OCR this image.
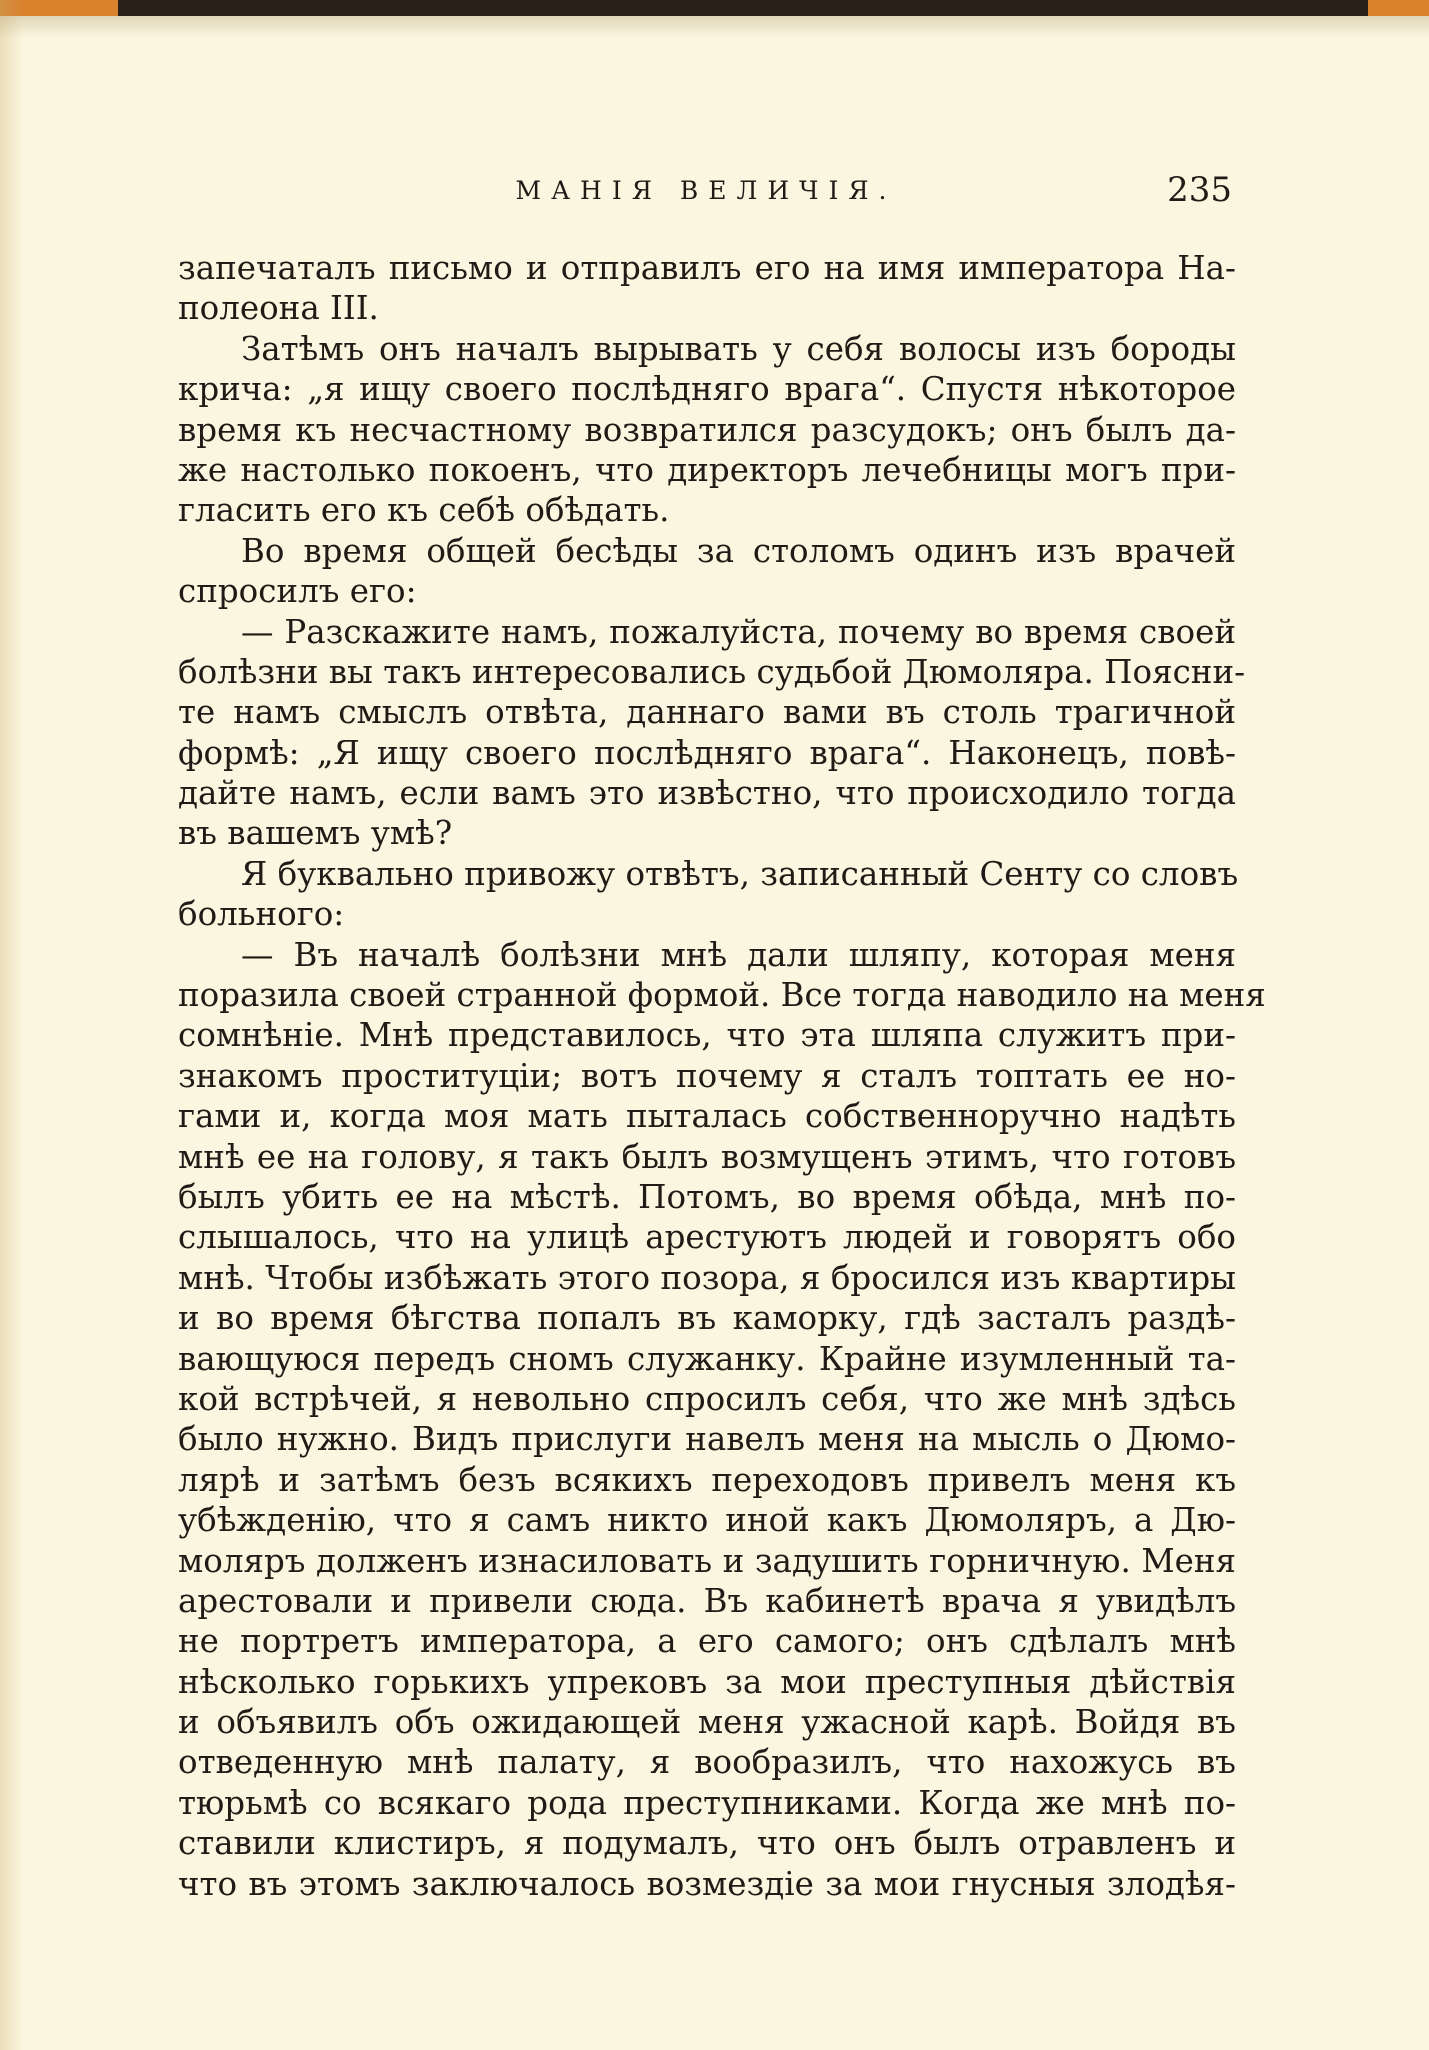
МАНІЯ ВЕЛИЧІЯ.	235
запечаталъ письмо и отправилъ его на имя императора На-
полеона III.
Затѣмъ онъ началъ вырывать у себя волосы изъ бороды
крича: „я ищу своего послѣдняго врага“. Спустя нѣкоторое
время къ несчастному возвратился разсудокъ; онъ былъ да-
же настолько покоенъ, что директоръ лечебницы могъ при-
гласить его къ себѣ обѣдать.
Во время общей бесѣды за столомъ одинъ изъ врачей
спросилъ его:
— Разскажите намъ, пожалуйста, почему во время своей
болѣзни вы такъ интересовались судьбой Дюмоляра. Поясни-
те намъ смыслъ отвѣта, даннаго вами въ столь трагичной
формѣ: „Я ищу своего послѣдняго врага“. Наконецъ, повѣ-
дайте намъ, если вамъ это извѣстно, что происходило тогда
въ вашемъ умѣ?
Я буквально привожу отвѣтъ, записанный Сенту со словъ
больного:
— Въ началѣ болѣзни мнѣ дали шляпу, которая меня
поразила своей странной формой. Все тогда наводило на меня
сомнѣніе. Мнѣ представилось, что эта шляпа служитъ при-
знакомъ проституціи; вотъ почему я сталъ топтать ее но-
гами и, когда моя мать пыталась собственноручно надѣть
мнѣ ее на голову, я такъ былъ возмущенъ этимъ, что готовъ
былъ убить ее на мѣстѣ. Потомъ, во время обѣда, мнѣ по-
слышалось, что на улицѣ арестуютъ людей и говорятъ обо
мнѣ. Чтобы избѣжать этого позора, я бросился изъ квартиры
и во время бѣгства попалъ въ каморку, гдѣ засталъ раздѣ-
вающуюся передъ сномъ служанку. Крайне изумленный та-
кой встрѣчей, я невольно спросилъ себя, что же мнѣ здѣсь
было нужно. Видъ прислуги навелъ меня на мысль о Дюмо-
лярѣ и затѣмъ безъ всякихъ переходовъ привелъ меня къ
убѣжденію, что я самъ никто иной какъ Дюмоляръ, а Дю-
моляръ долженъ изнасиловать и задушить горничную. Меня
арестовали и привели сюда. Въ кабинетѣ врача я увидѣлъ
не портретъ императора, а его самого; онъ сдѣлалъ мнѣ
нѣсколько горькихъ упрековъ за мои преступныя дѣйствія
и объявилъ объ ожидающей меня ужасной карѣ. Войдя въ
отведенную мнѣ палату, я вообразилъ, что нахожусь въ
тюрьмѣ со всякаго рода преступниками. Когда же мнѣ по-
ставили клистиръ, я подумалъ, что онъ былъ отравленъ и
что въ этомъ заключалось возмездіе за мои гнусныя злодѣя-
